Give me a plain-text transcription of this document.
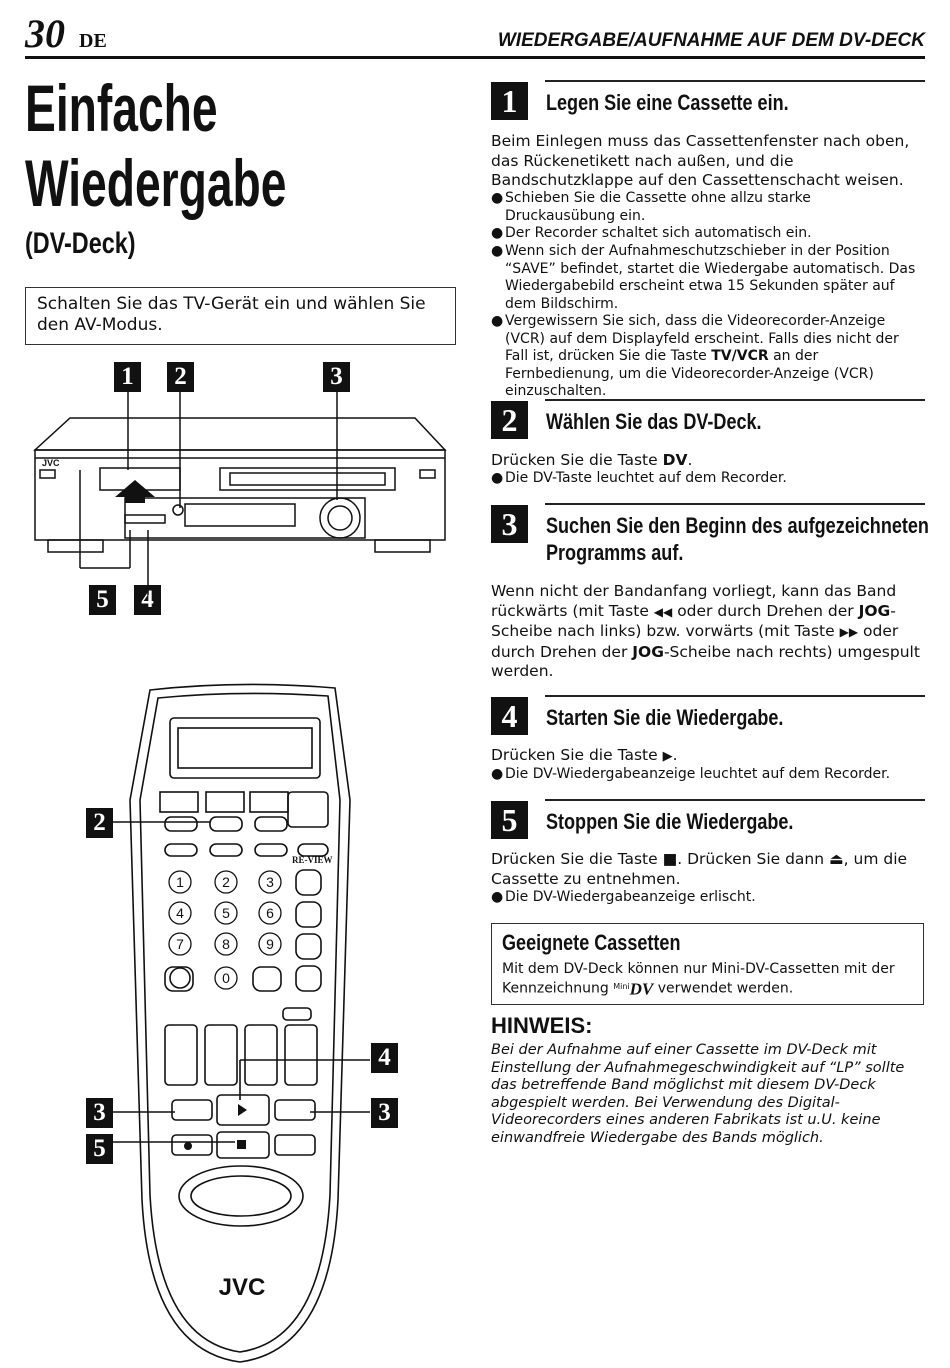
30 DE	WIEDERGABE/AUFNAHME AUF DEM DV-DECK
Einfache
Wiedergabe
(DV-Deck)
Schalten Sie das TV-Gerät ein und wählen Sie den AV-Modus.
1 2	3
5 4
JVC
2
3
5
4
3
1	2	3
4	5	6
7	8	9
0
RE-VIEW
JVC
1	Legen Sie eine Cassette ein.
Beim Einlegen muss das Cassettenfenster nach oben, das Rückenetikett nach außen, und die Bandschutzklappe auf den Cassettenschacht weisen.
● Schieben Sie die Cassette ohne allzu starke Druckausübung ein.
● Der Recorder schaltet sich automatisch ein.
● Wenn sich der Aufnahmeschutzschieber in der Position “SAVE” befindet, startet die Wiedergabe automatisch. Das Wiedergabebild erscheint etwa 15 Sekunden später auf dem Bildschirm.
● Vergewissern Sie sich, dass die Videorecorder-Anzeige (VCR) auf dem Displayfeld erscheint. Falls dies nicht der Fall ist, drücken Sie die Taste TV/VCR an der Fernbedienung, um die Videorecorder-Anzeige (VCR) einzuschalten.
2	Wählen Sie das DV-Deck.
Drücken Sie die Taste DV.
● Die DV-Taste leuchtet auf dem Recorder.
3	Suchen Sie den Beginn des aufgezeichneten
Programms auf.
Wenn nicht der Bandanfang vorliegt, kann das Band rückwärts (mit Taste ◀◀ oder durch Drehen der JOG-Scheibe nach links) bzw. vorwärts (mit Taste ▶▶ oder durch Drehen der JOG-Scheibe nach rechts) umgespult werden.
4	Starten Sie die Wiedergabe.
Drücken Sie die Taste ▶.
● Die DV-Wiedergabeanzeige leuchtet auf dem Recorder.
5	Stoppen Sie die Wiedergabe.
Drücken Sie die Taste ■. Drücken Sie dann ⏏, um die Cassette zu entnehmen.
● Die DV-Wiedergabeanzeige erlischt.
Geeignete Cassetten
Mit dem DV-Deck können nur Mini-DV-Cassetten mit der Kennzeichnung $^{Mini}$DV verwendet werden.
HINWEIS:
Bei der Aufnahme auf einer Cassette im DV-Deck mit Einstellung der Aufnahmegeschwindigkeit auf “LP” sollte das betreffende Band möglichst mit diesem DV-Deck abgespielt werden. Bei Verwendung des Digital-Videorecorders eines anderen Fabrikats ist u.U. keine einwandfreie Wiedergabe des Bands möglich.
